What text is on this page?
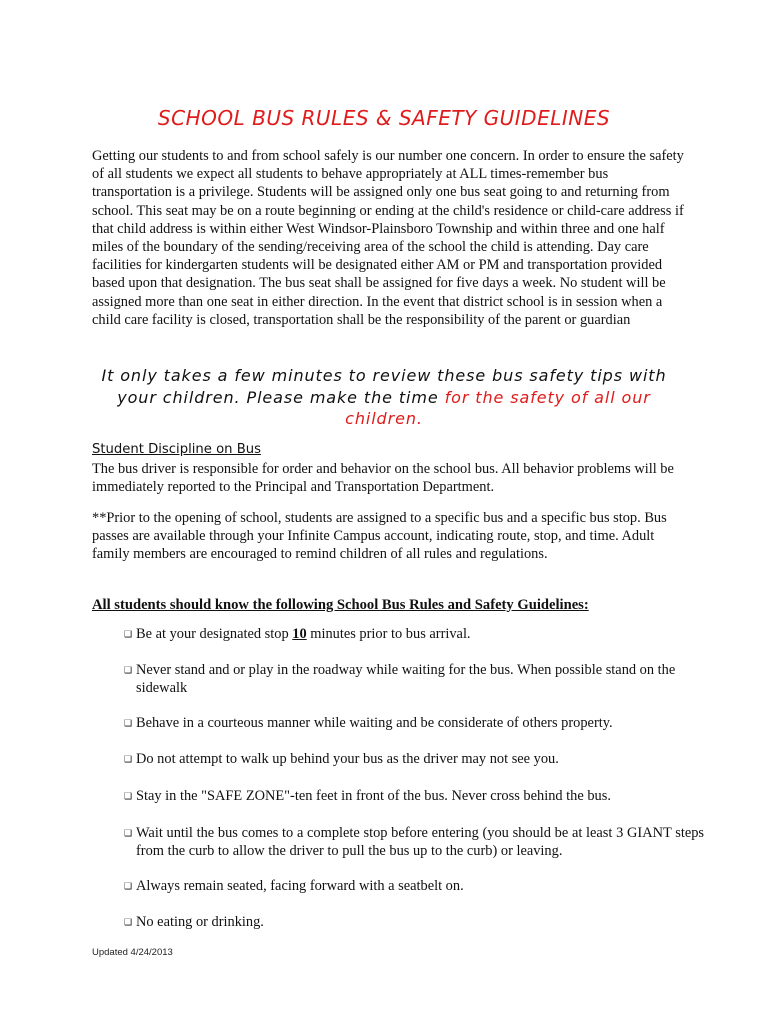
SCHOOL BUS RULES & SAFETY GUIDELINES

Getting our students to and from school safely is our number one concern. In order to ensure the safety of all students we expect all students to behave appropriately at ALL times-remember bus transportation is a privilege. Students will be assigned only one bus seat going to and returning from school. This seat may be on a route beginning or ending at the child's residence or child-care address if that child address is within either West Windsor-Plainsboro Township and within three and one half miles of the boundary of the sending/receiving area of the school the child is attending. Day care facilities for kindergarten students will be designated either AM or PM and transportation provided based upon that designation. The bus seat shall be assigned for five days a week. No student will be assigned more than one seat in either direction. In the event that district school is in session when a child care facility is closed, transportation shall be the responsibility of the parent or guardian

It only takes a few minutes to review these bus safety tips with your children. Please make the time for the safety of all our children.

Student Discipline on Bus

The bus driver is responsible for order and behavior on the school bus. All behavior problems will be immediately reported to the Principal and Transportation Department.

**Prior to the opening of school, students are assigned to a specific bus and a specific bus stop. Bus passes are available through your Infinite Campus account, indicating route, stop, and time. Adult family members are encouraged to remind children of all rules and regulations.

All students should know the following School Bus Rules and Safety Guidelines:

❑ Be at your designated stop 10 minutes prior to bus arrival.
❑ Never stand and or play in the roadway while waiting for the bus. When possible stand on the sidewalk
❑ Behave in a courteous manner while waiting and be considerate of others property.
❑ Do not attempt to walk up behind your bus as the driver may not see you.
❑ Stay in the "SAFE ZONE"-ten feet in front of the bus. Never cross behind the bus.
❑ Wait until the bus comes to a complete stop before entering (you should be at least 3 GIANT steps from the curb to allow the driver to pull the bus up to the curb) or leaving.
❑ Always remain seated, facing forward with a seatbelt on.
❑ No eating or drinking.
Updated 4/24/2013
